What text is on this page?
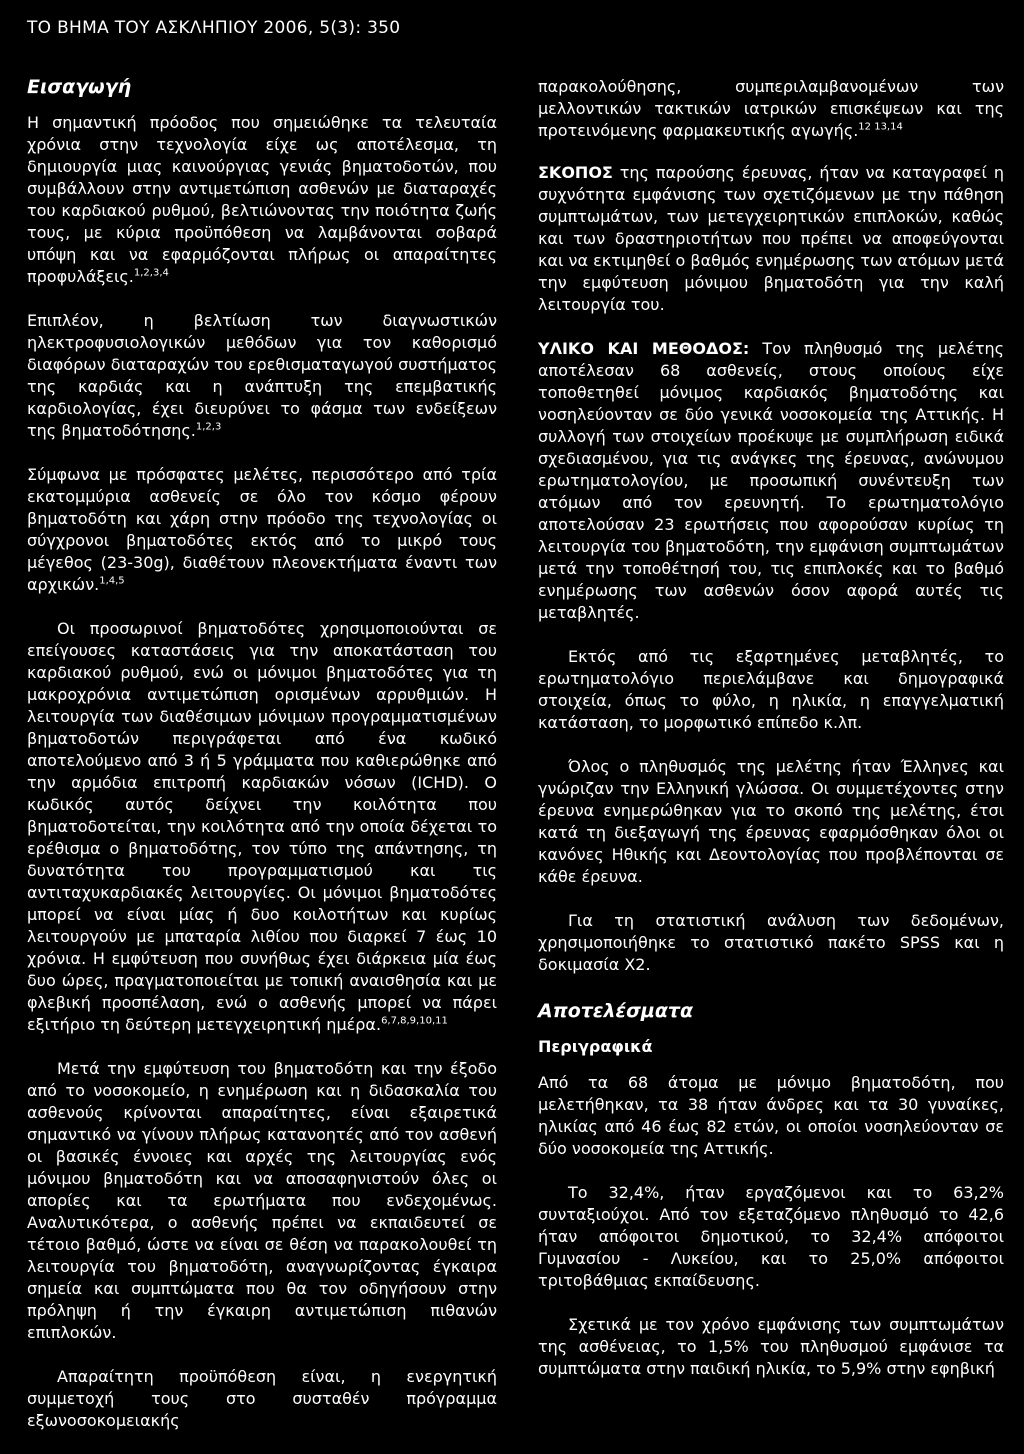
ΤΟ ΒΗΜΑ ΤΟΥ ΑΣΚΛΗΠΙΟΥ 2006, 5(3): 350
Εισαγωγή

Η σημαντική πρόοδος που σημειώθηκε τα τελευταία χρόνια στην τεχνολογία είχε ως αποτέλεσμα, τη δημιουργία μιας καινούργιας γενιάς βηματοδοτών, που συμβάλλουν στην αντιμετώπιση ασθενών με διαταραχές του καρδιακού ρυθμού, βελτιώνοντας την ποιότητα ζωής τους, με κύρια προϋπόθεση να λαμβάνονται σοβαρά υπόψη και να εφαρμόζονται πλήρως οι απαραίτητες προφυλάξεις.$^{1,2,3,4}$

Επιπλέον, η βελτίωση των διαγνωστικών ηλεκτροφυσιολογικών μεθόδων για τον καθορισμό διαφόρων διαταραχών του ερεθισματαγωγού συστήματος της καρδιάς και η ανάπτυξη της επεμβατικής καρδιολογίας, έχει διευρύνει το φάσμα των ενδείξεων της βηματοδότησης.$^{1,2,3}$

Σύμφωνα με πρόσφατες μελέτες, περισσότερο από τρία εκατομμύρια ασθενείς σε όλο τον κόσμο φέρουν βηματοδότη και χάρη στην πρόοδο της τεχνολογίας οι σύγχρονοι βηματοδότες εκτός από το μικρό τους μέγεθος (23-30g), διαθέτουν πλεονεκτήματα έναντι των αρχικών.$^{1,4,5}$

Οι προσωρινοί βηματοδότες χρησιμοποιούνται σε επείγουσες καταστάσεις για την αποκατάσταση του καρδιακού ρυθμού, ενώ οι μόνιμοι βηματοδότες για τη μακροχρόνια αντιμετώπιση ορισμένων αρρυθμιών. Η λειτουργία των διαθέσιμων μόνιμων προγραμματισμένων βηματοδοτών περιγράφεται από ένα κωδικό αποτελούμενο από 3 ή 5 γράμματα που καθιερώθηκε από την αρμόδια επιτροπή καρδιακών νόσων (ICHD). Ο κωδικός αυτός δείχνει την κοιλότητα που βηματοδοτείται, την κοιλότητα από την οποία δέχεται το ερέθισμα ο βηματοδότης, τον τύπο της απάντησης, τη δυνατότητα του προγραμματισμού και τις αντιταχυκαρδιακές λειτουργίες. Οι μόνιμοι βηματοδότες μπορεί να είναι μίας ή δυο κοιλοτήτων και κυρίως λειτουργούν με μπαταρία λιθίου που διαρκεί 7 έως 10 χρόνια. Η εμφύτευση που συνήθως έχει διάρκεια μία έως δυο ώρες, πραγματοποιείται με τοπική αναισθησία και με φλεβική προσπέλαση, ενώ ο ασθενής μπορεί να πάρει εξιτήριο τη δεύτερη μετεγχειρητική ημέρα.$^{6,7,8,9,10,11}$

Μετά την εμφύτευση του βηματοδότη και την έξοδο από το νοσοκομείο, η ενημέρωση και η διδασκαλία του ασθενούς κρίνονται απαραίτητες, είναι εξαιρετικά σημαντικό να γίνουν πλήρως κατανοητές από τον ασθενή οι βασικές έννοιες και αρχές της λειτουργίας ενός μόνιμου βηματοδότη και να αποσαφηνιστούν όλες οι απορίες και τα ερωτήματα που ενδεχομένως. Αναλυτικότερα, ο ασθενής πρέπει να εκπαιδευτεί σε τέτοιο βαθμό, ώστε να είναι σε θέση να παρακολουθεί τη λειτουργία του βηματοδότη, αναγνωρίζοντας έγκαιρα σημεία και συμπτώματα που θα τον οδηγήσουν στην πρόληψη ή την έγκαιρη αντιμετώπιση πιθανών επιπλοκών.

Απαραίτητη προϋπόθεση είναι, η ενεργητική συμμετοχή τους στο συσταθέν πρόγραμμα εξωνοσοκομειακής

παρακολούθησης, συμπεριλαμβανομένων των μελλοντικών τακτικών ιατρικών επισκέψεων και της προτεινόμενης φαρμακευτικής αγωγής.$^{12 13,14}$

ΣΚΟΠΟΣ της παρούσης έρευνας, ήταν να καταγραφεί η συχνότητα εμφάνισης των σχετιζόμενων με την πάθηση συμπτωμάτων, των μετεγχειρητικών επιπλοκών, καθώς και των δραστηριοτήτων που πρέπει να αποφεύγονται και να εκτιμηθεί ο βαθμός ενημέρωσης των ατόμων μετά την εμφύτευση μόνιμου βηματοδότη για την καλή λειτουργία του.

ΥΛΙΚΟ ΚΑΙ ΜΕΘΟΔΟΣ: Τον πληθυσμό της μελέτης αποτέλεσαν 68 ασθενείς, στους οποίους είχε τοποθετηθεί μόνιμος καρδιακός βηματοδότης και νοσηλεύονταν σε δύο γενικά νοσοκομεία της Αττικής. Η συλλογή των στοιχείων προέκυψε με συμπλήρωση ειδικά σχεδιασμένου, για τις ανάγκες της έρευνας, ανώνυμου ερωτηματολογίου, με προσωπική συνέντευξη των ατόμων από τον ερευνητή. Το ερωτηματολόγιο αποτελούσαν 23 ερωτήσεις που αφορούσαν κυρίως τη λειτουργία του βηματοδότη, την εμφάνιση συμπτωμάτων μετά την τοποθέτησή του, τις επιπλοκές και το βαθμό ενημέρωσης των ασθενών όσον αφορά αυτές τις μεταβλητές.

Εκτός από τις εξαρτημένες μεταβλητές, το ερωτηματολόγιο περιελάμβανε και δημογραφικά στοιχεία, όπως το φύλο, η ηλικία, η επαγγελματική κατάσταση, το μορφωτικό επίπεδο κ.λπ.

Όλος ο πληθυσμός της μελέτης ήταν Έλληνες και γνώριζαν την Ελληνική γλώσσα. Οι συμμετέχοντες στην έρευνα ενημερώθηκαν για το σκοπό της μελέτης, έτσι κατά τη διεξαγωγή της έρευνας εφαρμόσθηκαν όλοι οι κανόνες Ηθικής και Δεοντολογίας που προβλέπονται σε κάθε έρευνα.

Για τη στατιστική ανάλυση των δεδομένων, χρησιμοποιήθηκε το στατιστικό πακέτο SPSS και η δοκιμασία X2.

Αποτελέσματα
Περιγραφικά

Από τα 68 άτομα με μόνιμο βηματοδότη, που μελετήθηκαν, τα 38 ήταν άνδρες και τα 30 γυναίκες, ηλικίας από 46 έως 82 ετών, οι οποίοι νοσηλεύονταν σε δύο νοσοκομεία της Αττικής.

Το 32,4%, ήταν εργαζόμενοι και το 63,2% συνταξιούχοι. Από τον εξεταζόμενο πληθυσμό το 42,6 ήταν απόφοιτοι δημοτικού, το 32,4% απόφοιτοι Γυμνασίου - Λυκείου, και το 25,0% απόφοιτοι τριτοβάθμιας εκπαίδευσης.

Σχετικά με τον χρόνο εμφάνισης των συμπτωμάτων της ασθένειας, το 1,5% του πληθυσμού εμφάνισε τα συμπτώματα στην παιδική ηλικία, το 5,9% στην εφηβική
